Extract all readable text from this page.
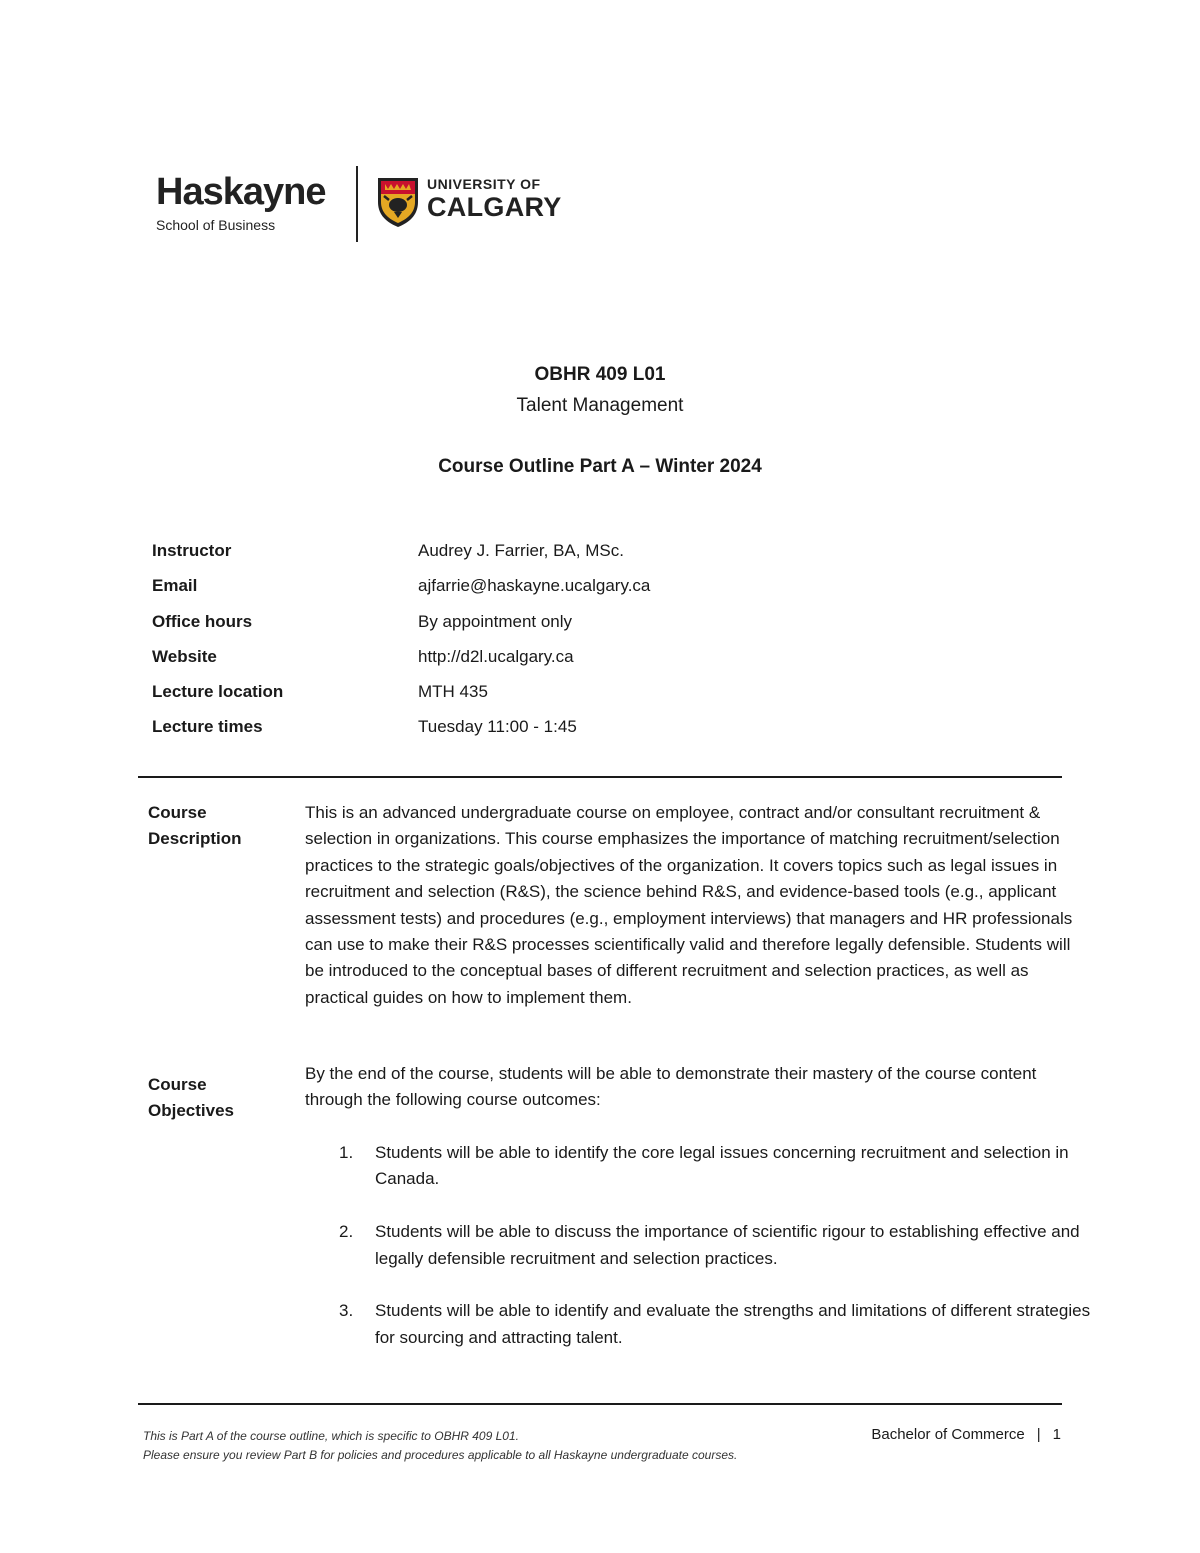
Haskayne
School of Business
UNIVERSITY OF
CALGARY
OBHR 409 L01
Talent Management
Course Outline Part A – Winter 2024
Instructor	Audrey J. Farrier, BA, MSc.
Email	ajfarrie@haskayne.ucalgary.ca
Office hours	By appointment only
Website	http://d2l.ucalgary.ca
Lecture location	MTH 435
Lecture times	Tuesday 11:00 - 1:45
Course
Description
This is an advanced undergraduate course on employee, contract and/or consultant recruitment & selection in organizations. This course emphasizes the importance of matching recruitment/selection practices to the strategic goals/objectives of the organization. It covers topics such as legal issues in recruitment and selection (R&S), the science behind R&S, and evidence-based tools (e.g., applicant assessment tests) and procedures (e.g., employment interviews) that managers and HR professionals can use to make their R&S processes scientifically valid and therefore legally defensible. Students will be introduced to the conceptual bases of different recruitment and selection practices, as well as practical guides on how to implement them.
Course
Objectives
By the end of the course, students will be able to demonstrate their mastery of the course content through the following course outcomes:
1. Students will be able to identify the core legal issues concerning recruitment and selection in Canada.
2. Students will be able to discuss the importance of scientific rigour to establishing effective and legally defensible recruitment and selection practices.
3. Students will be able to identify and evaluate the strengths and limitations of different strategies for sourcing and attracting talent.
This is Part A of the course outline, which is specific to OBHR 409 L01.
Please ensure you review Part B for policies and procedures applicable to all Haskayne undergraduate courses.
Bachelor of Commerce | 1
